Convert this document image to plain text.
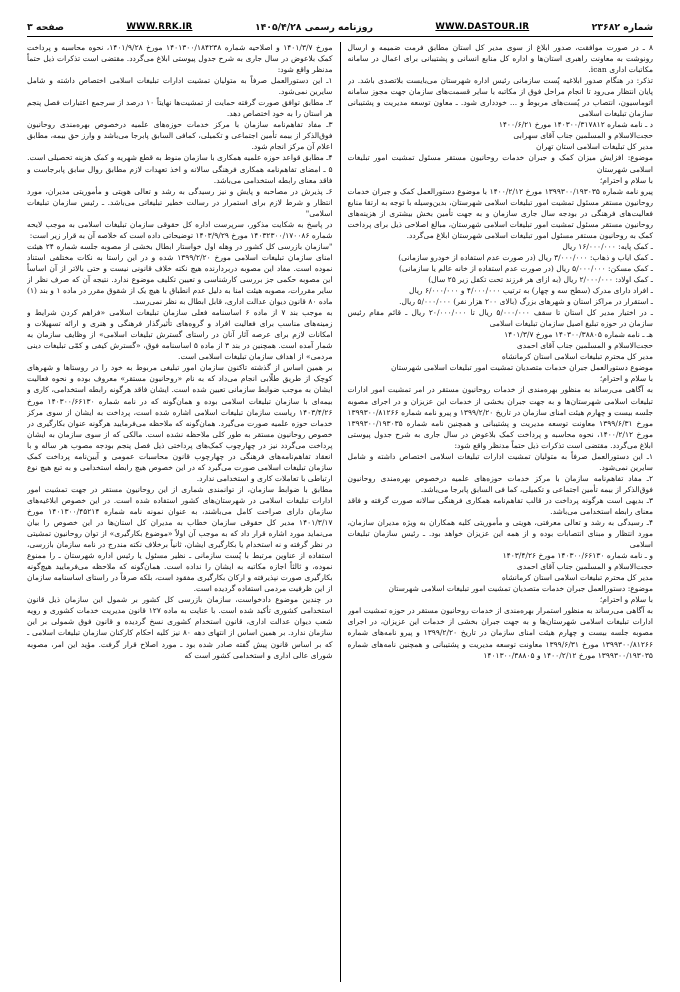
شماره ۲۳۶۸۲
WWW.DASTOUR.IR
روزنامه رسمی ۱۴۰۵/۴/۲۸
WWW.RRK.IR
صفحه ۳

۸ ـ در صورت موافقت، صدور ابلاغ از سوی مدیر کل استان مطابق فرمت ضمیمه و ارسال رونوشت به معاونت راهبری استان‌ها و اداره کل منابع انسانی و پشتیبانی برای اعمال در سامانه مکاتبات اداری ican.

تذکر: در هنگام صدور ابلاغیه پُست سازمانی رئیس اداره شهرستان می‌بایست بلاتصدی باشد. در پایان انتظار می‌رود تا انجام مراحل فوق از مکاتبه با سایر قسمت‌های سازمان جهت مجوز سامانه اتوماسیون، انتصاب در پُست‌های مربوط و ... خودداری شود. ـ معاون توسعه مدیریت و پشتیبانی سازمان تبلیغات اسلامی

د ـ نامه شماره ۱۴۰۳۰۰/۳۱۷۸۱۲ مورخ ۱۴۰۰/۶/۲۱

حجت‌الاسلام و المسلمین جناب آقای سهرابی

مدیر کل تبلیغات اسلامی استان تهران

موضوع: افزایش میزان کمک و جبران خدمات روحانیون مستقر مسئول تمشیت امور تبلیغات اسلامی شهرستان

با سلام و احترام؛

پیرو نامه شماره ۱۳۹۹۳۰۰/۱۹۳۰۳۵ مورخ ۱۴۰۰/۲/۱۲ با موضوع دستورالعمل کمک و جبران خدمات روحانیون مستقر مسئول تمشیت امور تبلیغات اسلامی شهرستان، بدین‌وسیله با توجه به ارتقا منابع فعالیت‌های فرهنگی در بودجه سال جاری سازمان و به جهت تأمین بخش بیشتری از هزینه‌های روحانیون مستقر مسئول تمشیت امور تبلیغات اسلامی شهرستان، مبالغ اصلاحی ذیل برای پرداخت کمک به روحانیون مستقر مسئول امور تبلیغات اسلامی شهرستان ابلاغ می‌گردد.

ـ کمک پایه: ۱۶/۰۰۰/۰۰۰ ریال

ـ کمک ایاب و ذهاب: ۳/۰۰۰/۰۰۰ ریال (در صورت عدم استفاده از خودرو سازمانی)

ـ کمک مسکن: ۵/۰۰۰/۰۰۰ ریال (در صورت عدم استفاده از خانه عالم یا سازمانی)

ـ کمک اولاد: ۲/۰۰۰/۰۰۰ ریال (به ازای هر فرزند تحت تکفل زیر ۲۵ سال)

ـ افراد دارای مدرک (سطح سه و چهار) به ترتیب ۴/۰۰۰/۰۰۰ و ۶/۰۰۰/۰۰۰ ریال

ـ استقرار در مراکز استان و شهرهای بزرگ (بالای ۲۰۰ هزار نفر) ۵/۰۰۰/۰۰۰ ریال.

ـ در اختیار مدیر کل استان تا سقف ۵/۰۰۰/۰۰۰ ریال تا ۲۰/۰۰۰/۰۰۰ ریال ـ قائم مقام رئیس سازمان در حوزه تبلیغ اصیل سازمان تبلیغات اسلامی

هـ ـ نامه شماره ۱۴۰۳۰۰/۳۸۸۰۵ مورخ ۱۴۰۱/۳/۷

حجت‌الاسلام و المسلمین جناب آقای احمدی

مدیر کل محترم تبلیغات اسلامی استان کرمانشاه

موضوع دستورالعمل جبران خدمات متصدیان تمشیت امور تبلیغات اسلامی شهرستان

با سلام و احترام؛

به آگاهی می‌رساند به منظور بهره‌مندی از خدمات روحانیون مستقر در امر تمشیت امور ادارات تبلیغات اسلامی شهرستان‌ها و به جهت جبران بخشی از خدمات این عزیزان و در اجرای مصوبه جلسه بیست و چهارم هیئت امنای سازمان در تاریخ ۱۳۹۹/۲/۲۰ و پیرو نامه شماره ۱۳۹۹۳۰۰/۸۱۲۶۶ مورخ ۱۳۹۹/۶/۳۱ معاونت توسعه مدیریت و پشتیبانی و همچنین نامه شماره ۱۳۹۹۳۰۰/۱۹۳۰۳۵ مورخ ۱۴۰۰/۲/۱۲، نحوه محاسبه و پرداخت کمک بلاعوض در سال جاری به شرح جدول پیوستی ابلاغ می‌گردد. مقتضی است تذکرات ذیل حتماً مدنظر واقع شود:

۱ـ این دستورالعمل صرفاً به متولیان تمشیت ادارات تبلیغات اسلامی اختصاص داشته و شامل سایرین نمی‌شود.

۲ـ مفاد تفاهم‌نامه سازمان با مرکز خدمات حوزه‌های علمیه درخصوص بهره‌مندی روحانیون فوق‌الذکر از بیمه تأمین اجتماعی و تکمیلی، کما فی السابق پابرجا می‌باشد.

۳ـ بدیهی است هرگونه پرداخت در قالب تفاهم‌نامه همکاری فرهنگی سالانه صورت گرفته و فاقد معنای رابطه استخدامی می‌باشد.

۴ـ رسیدگی به رشد و تعالی معرفتی، هویتی و مأموریتی کلیه همکاران به ویژه مدیران سازمان، مورد انتظار و مبنای انتصابات بوده و از همه این عزیزان خواهد بود. ـ رئیس سازمان تبلیغات اسلامی

و ـ نامه شماره ۱۴۰۳۰۰/۶۶۱۳۰ مورخ ۱۴۰۳/۴/۲۶

حجت‌الاسلام و المسلمین جناب آقای احمدی

مدیر کل محترم تبلیغات اسلامی استان کرمانشاه

موضوع: دستورالعمل جبران خدمات متصدیان تمشیت امور تبلیغات اسلامی شهرستان

با سلام و احترام؛

به آگاهی می‌رساند به منظور استمرار بهره‌مندی از خدمات روحانیون مستقر در حوزه تمشیت امور ادارات تبلیغات اسلامی شهرستان‌ها و به جهت جبران بخشی از خدمات این عزیزان، در اجرای مصوبه جلسه بیست و چهارم هیئت امنای سازمان در تاریخ ۱۳۹۹/۲/۲۰ و پیرو نامه‌های شماره ۱۳۹۹۳۰۰/۸۱۲۶۶ مورخ ۱۳۹۹/۶/۳۱ معاونت توسعه مدیریت و پشتیبانی و همچنین نامه‌های شماره ۱۳۹۹۳۰۰/۱۹۳۰۳۵ مورخ ۱۴۰۰/۲/۱۲ و ۱۴۰۱۳۰۰/۳۸۸۰۵

مورخ ۱۴۰۱/۳/۷ و اصلاحیه شماره ۱۴۰۱۳۰۰/۱۸۴۲۳۸ مورخ ۱۴۰۱/۹/۲۸، نحوه محاسبه و پرداخت کمک بلاعوض در سال جاری به شرح جدول پیوستی ابلاغ می‌گردد. مقتضی است تذکرات ذیل حتماً مدنظر واقع شود:

۱ـ این دستورالعمل صرفاً به متولیان تمشیت ادارات تبلیغات اسلامی اختصاص داشته و شامل سایرین نمی‌شود.

۲ـ مطابق توافق صورت گرفته حمایت از تمشیت‌ها نهایتاً ۱۰ درصد از سرجمع اعتبارات فصل پنجم هر استان را به خود اختصاص دهد.

۳ـ مفاد تفاهم‌نامه سازمان با مرکز خدمات حوزه‌های علمیه درخصوص بهره‌مندی روحانیون فوق‌الذکر از بیمه تأمین اجتماعی و تکمیلی، کمافی السابق پابرجا می‌باشد و وارز حق بیمه، مطابق اعلام آن مرکز انجام شود.

۴ـ مطابق قواعد حوزه علمیه همکاری با سازمان منوط به قطع شهریه و کمک هزینه تحصیلی است.

۵ ـ امضای تفاهم‌نامه همکاری فرهنگی سالانه و اخذ تعهدات لازم مطابق روال سابق پابرجاست و فاقد معنای رابطه استخدامی می‌باشد.

۶ـ پذیرش در مصاحبه و پایش و نیز رسیدگی به رشد و تعالی هویتی و مأموریتی مدیران، مورد انتظار و شرط لازم برای استمرار در رسالت خطیر تبلیغاتی می‌باشد. ـ رئیس سازمان تبلیغات اسلامی"

در پاسخ به شکایت مذکور، سرپرست اداره کل حقوقی سازمان تبلیغات اسلامی به موجب لایحه شماره ۱۴۰۳۲۳۰۰/۱۷۰۰۸۶ مورخ ۱۴۰۳/۹/۲۹ توضیحاتی داده است که خلاصه آن به قرار زیر است:

"سازمان بازرسی کل کشور در وهله اول خواستار ابطال بخشی از مصوبه جلسه شماره ۲۴ هیئت امنای سازمان تبلیغات اسلامی مورخ ۱۳۹۹/۲/۲۰ شده و در این راستا به نکات مختلفی استناد نموده است. مفاد این مصوبه دربردارنده هیچ نکته خلاف قانونی نیست و حتی بالاتر از آن اساساً این مصوبه حکمی جز بررسی کارشناسی و تعیین تکلیف موضوع ندارد. نتیجه آن که صرف نظر از سایر مقررات، مصوبه هیئت امنا به دلیل عدم انطباق با هیچ یک از شقوق مقرر در ماده ۱ و بند (۱) ماده ۸۰ قانون دیوان عدالت اداری، قابل ابطال به نظر نمی‌رسد.

به موجب بند ۷ از ماده ۶ اساسنامه فعلی سازمان تبلیغات اسلامی «فراهم کردن شرایط و زمینه‌های مناسب برای فعالیت افراد و گروه‌های تأثیرگذار فرهنگی و هنری و ارائه تسهیلات و امکانات لازم برای عرصه آثار آنان در راستای گسترش تبلیغات اسلامی» از وظایف سازمان به شمار آمده است. همچنین در بند ۳ از ماده ۵ اساسنامه فوق، «گسترش کیفی و کمّی تبلیغات دینی مردمی» از اهداف سازمان تبلیغات اسلامی است.

بر همین اساس از گذشته تاکنون سازمان امور تبلیغی مربوط به خود را در روستاها و شهرهای کوچک از طریق طلّابی انجام می‌داد که به نام «روحانیون مستقر» معروف بوده و نحوه فعالیت ایشان به موجب ضوابط سازمانی تعیین شده است. ایشان فاقد هرگونه رابطه استخدامی، کاری و بیمه‌ای با سازمان تبلیغات اسلامی بوده و همان‌گونه که در نامه شماره ۱۴۰۳۰۰/۶۶۱۳۰ مورخ ۱۴۰۳/۴/۲۶ ریاست سازمان تبلیغات اسلامی اشاره شده است، پرداخت به ایشان از سوی مرکز خدمات حوزه علمیه صورت می‌گیرد. همان‌گونه که ملاحظه می‌فرمایید هرگونه عنوان بکارگیری در خصوص روحانیون مستقر به طور کلی ملاحظه نشده است. مالکی که از سوی سازمان به ایشان پرداخت می‌گردد نیز در چهارچوب کمک‌های پرداختی ذیل فصل پنجم بودجه مصوب هر ساله و با انعقاد تفاهم‌نامه‌های فرهنگی در چهارچوب قانون محاسبات عمومی و آیین‌نامه پرداخت کمک سازمان تبلیغات اسلامی صورت می‌گیرد که در این خصوص هیچ رابطه استخدامی و به تبع هیچ نوع ارتباطی با تعاملات کاری و استخدامی ندارد.

مطابق با ضوابط سازمان، از توانمندی شماری از این روحانیون مستقر در جهت تمشیت امور ادارات تبلیغات اسلامی در شهرستان‌های کشور استفاده شده است. در این خصوص ابلاغیه‌های سازمان دارای صراحت کامل می‌باشند، به عنوان نمونه نامه شماره ۱۴۰۱۳۰۰/۴۵۲۱۴ مورخ ۱۴۰۱/۳/۱۷ مدیر کل حقوقی سازمان خطاب به مدیران کل استان‌ها در این خصوص را بیان می‌نماید مورد اشاره قرار داد که به موجب آن اولاً «موضوع بکارگیری» از توان روحانیون تمشیتی در نظر گرفته و نه استخدام یا بکارگیری ایشان، ثانیاً برخلاف نکته مندرج در نامه سازمان بازرسی، استفاده از عناوین مرتبط با پُست سازمانی ـ نظیر مسئول یا رئیس اداره شهرستان ـ را ممنوع نموده، و ثالثاً اجازه مکاتبه به ایشان را نداده است. همان‌گونه که ملاحظه می‌فرمایید هیچ‌گونه بکارگیری صورت نپذیرفته و ارکان بکارگیری مفقود است، بلکه صرفاً در راستای اساسنامه سازمان از این ظرفیت مردمی استفاده گردیده است.

در چندین موضوع دادخواست، سازمان بازرسی کل کشور بر شمول این سازمان ذیل قانون استخدامی کشوری تأکید شده است. با عنایت به ماده ۱۲۷ قانون مدیریت خدمات کشوری و رویه شعب دیوان عدالت اداری، قانون استخدام کشوری نسخ گردیده و قانون فوق شمولی بر این سازمان ندارد. بر همین اساس از انتهای دهه ۸۰ نیز کلیه احکام کارکنان سازمان تبلیغات اسلامی ـ که بر اساس قانون پیش گفته صادر شده بود ـ مورد اصلاح قرار گرفت. مؤید این امر، مصوبه شورای عالی اداری و استخدامی کشور است که
